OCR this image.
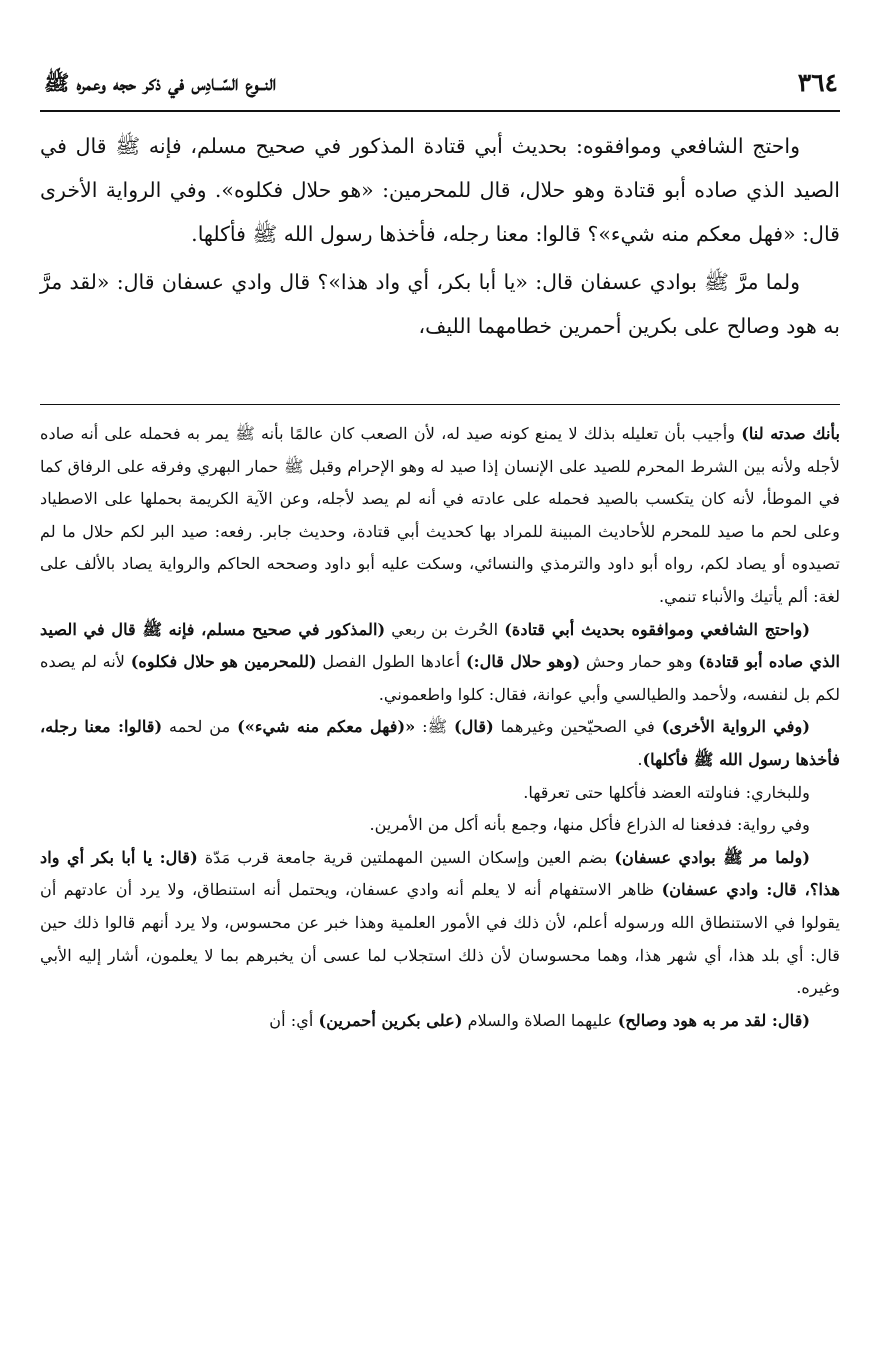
٣٦٤
النــوع السّــادِس في ذكر حجه وعمره ﷺ

واحتج الشافعي وموافقوه: بحديث أبي قتادة المذكور في صحيح مسلم، فإنه ﷺ قال في الصيد الذي صاده أبو قتادة وهو حلال، قال للمحرمين: «هو حلال فكلوه». وفي الرواية الأخرى قال: «فهل معكم منه شيء»؟ قالوا: معنا رجله، فأخذها رسول الله ﷺ فأكلها.

ولما مرَّ ﷺ بوادي عسفان قال: «يا أبا بكر، أي واد هذا»؟ قال وادي عسفان قال: «لقد مرَّ به هود وصالح على بكرين أحمرين خطامهما الليف،

بأنك صدته لنا) وأجيب بأن تعليله بذلك لا يمنع كونه صيد له، لأن الصعب كان عالمًا بأنه ﷺ يمر به فحمله على أنه صاده لأجله ولأنه بين الشرط المحرم للصيد على الإنسان إذا صيد له وهو الإحرام وقبل ﷺ حمار البهري وفرقه على الرفاق كما في الموطأ، لأنه كان يتكسب بالصيد فحمله على عادته في أنه لم يصد لأجله، وعن الآية الكريمة بحملها على الاصطياد وعلى لحم ما صيد للمحرم للأحاديث المبينة للمراد بها كحديث أبي قتادة، وحديث جابر. رفعه: صيد البر لكم حلال ما لم تصيدوه أو يصاد لكم، رواه أبو داود والترمذي والنسائي، وسكت عليه أبو داود وصححه الحاكم والرواية يصاد بالألف على لغة: ألم يأتيك والأنباء تنمي.

(واحتج الشافعي وموافقوه بحديث أبي قتادة) الحُرث بن ربعي (المذكور في صحيح مسلم، فإنه ﷺ قال في الصيد الذي صاده أبو قتادة) وهو حمار وحش (وهو حلال قال:) أعادها الطول الفصل (للمحرمين هو حلال فكلوه) لأنه لم يصده لكم بل لنفسه، ولأحمد والطيالسي وأبي عوانة، فقال: كلوا واطعموني.

(وفي الرواية الأخرى) في الصحيّحين وغيرهما (قال) ﷺ: «(فهل معكم منه شيء») من لحمه (قالوا: معنا رجله، فأخذها رسول الله ﷺ فأكلها).

وللبخاري: فناولته العضد فأكلها حتى تعرقها.

وفي رواية: فدفعنا له الذراع فأكل منها، وجمع بأنه أكل من الأمرين.

(ولما مر ﷺ بوادي عسفان) بضم العين وإسكان السين المهملتين قرية جامعة قرب مَدّة (قال: يا أبا بكر أي واد هذا؟، قال: وادي عسفان) ظاهر الاستفهام أنه لا يعلم أنه وادي عسفان، ويحتمل أنه استنطاق، ولا يرد أن عادتهم أن يقولوا في الاستنطاق الله ورسوله أعلم، لأن ذلك في الأمور العلمية وهذا خبر عن محسوس، ولا يرد أنهم قالوا ذلك حين قال: أي بلد هذا، أي شهر هذا، وهما محسوسان لأن ذلك استجلاب لما عسى أن يخبرهم بما لا يعلمون، أشار إليه الأبي وغيره.

(قال: لقد مر به هود وصالح) عليهما الصلاة والسلام (على بكرين أحمرين) أي: أن
